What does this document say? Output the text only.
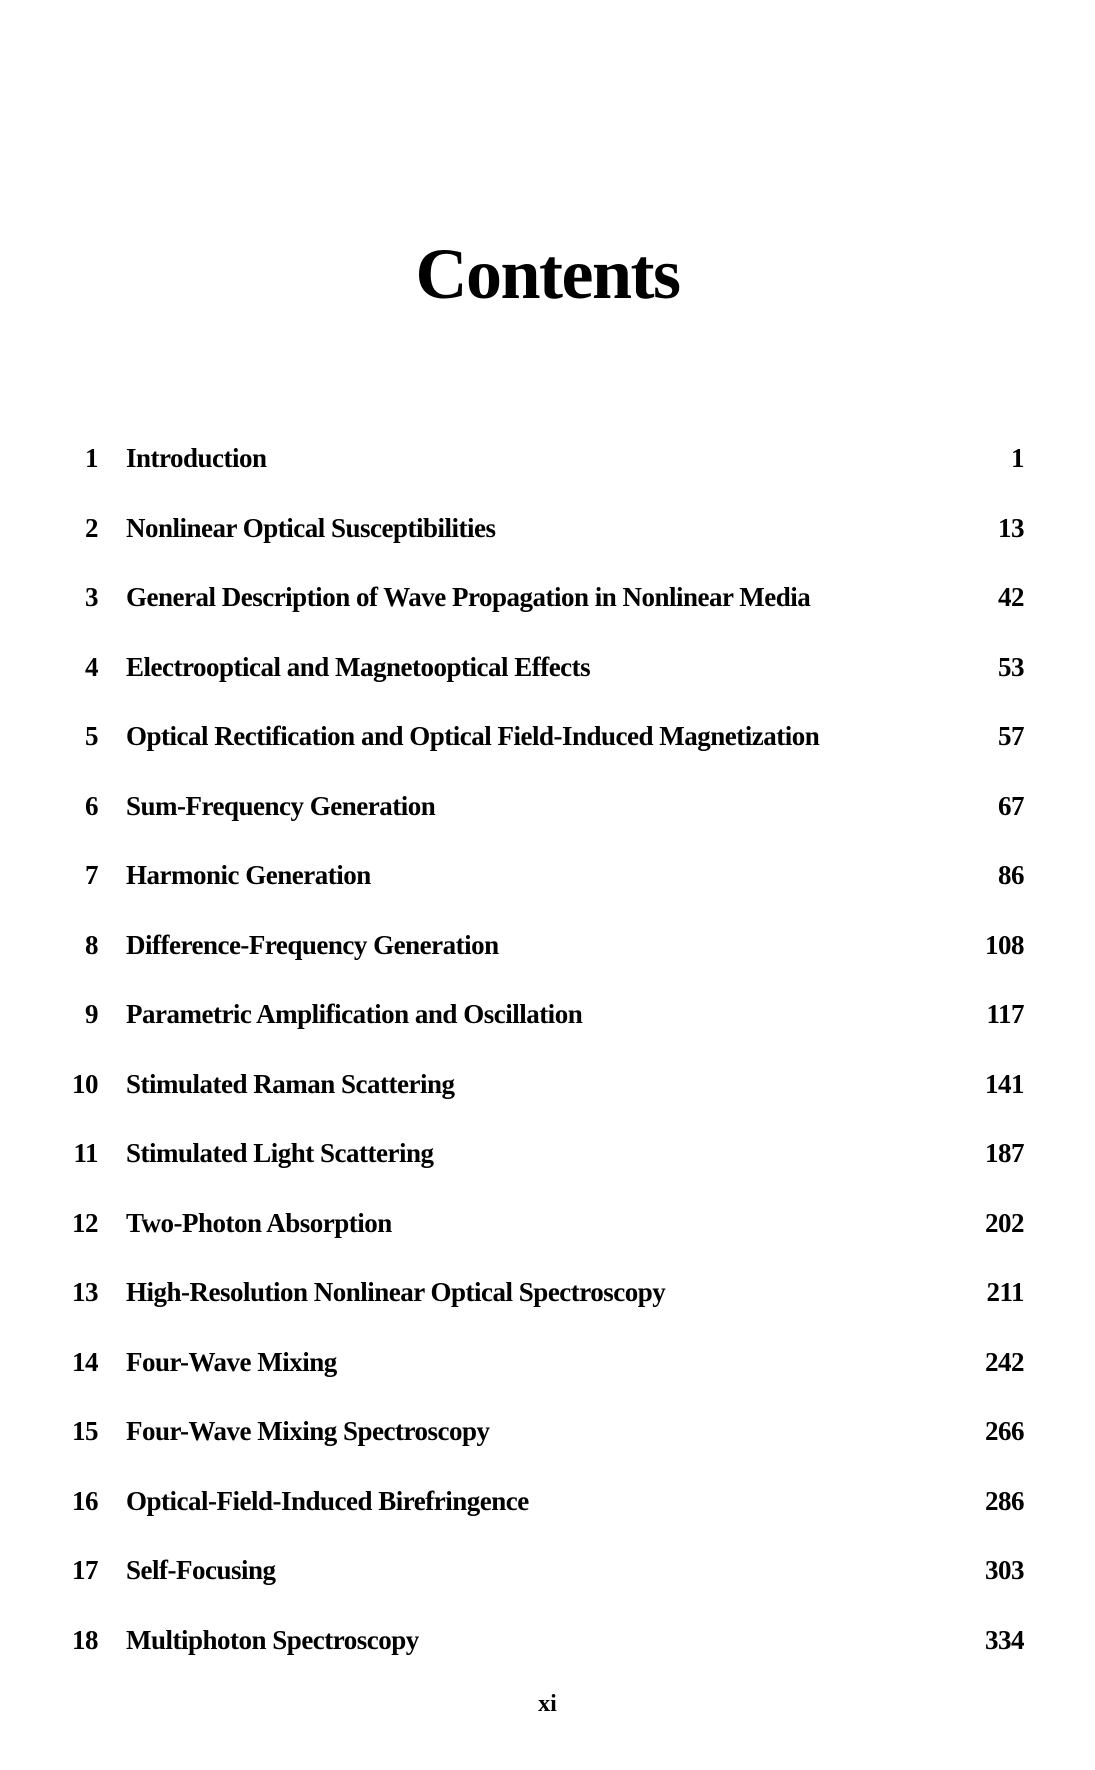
Contents
1 Introduction	1
2 Nonlinear Optical Susceptibilities	13
3 General Description of Wave Propagation in Nonlinear Media	42
4 Electrooptical and Magnetooptical Effects	53
5 Optical Rectification and Optical Field-Induced Magnetization	57
6 Sum-Frequency Generation	67
7 Harmonic Generation	86
8 Difference-Frequency Generation	108
9 Parametric Amplification and Oscillation	117
10 Stimulated Raman Scattering	141
11 Stimulated Light Scattering	187
12 Two-Photon Absorption	202
13 High-Resolution Nonlinear Optical Spectroscopy	211
14 Four-Wave Mixing	242
15 Four-Wave Mixing Spectroscopy	266
16 Optical-Field-Induced Birefringence	286
17 Self-Focusing	303
18 Multiphoton Spectroscopy	334
xi
